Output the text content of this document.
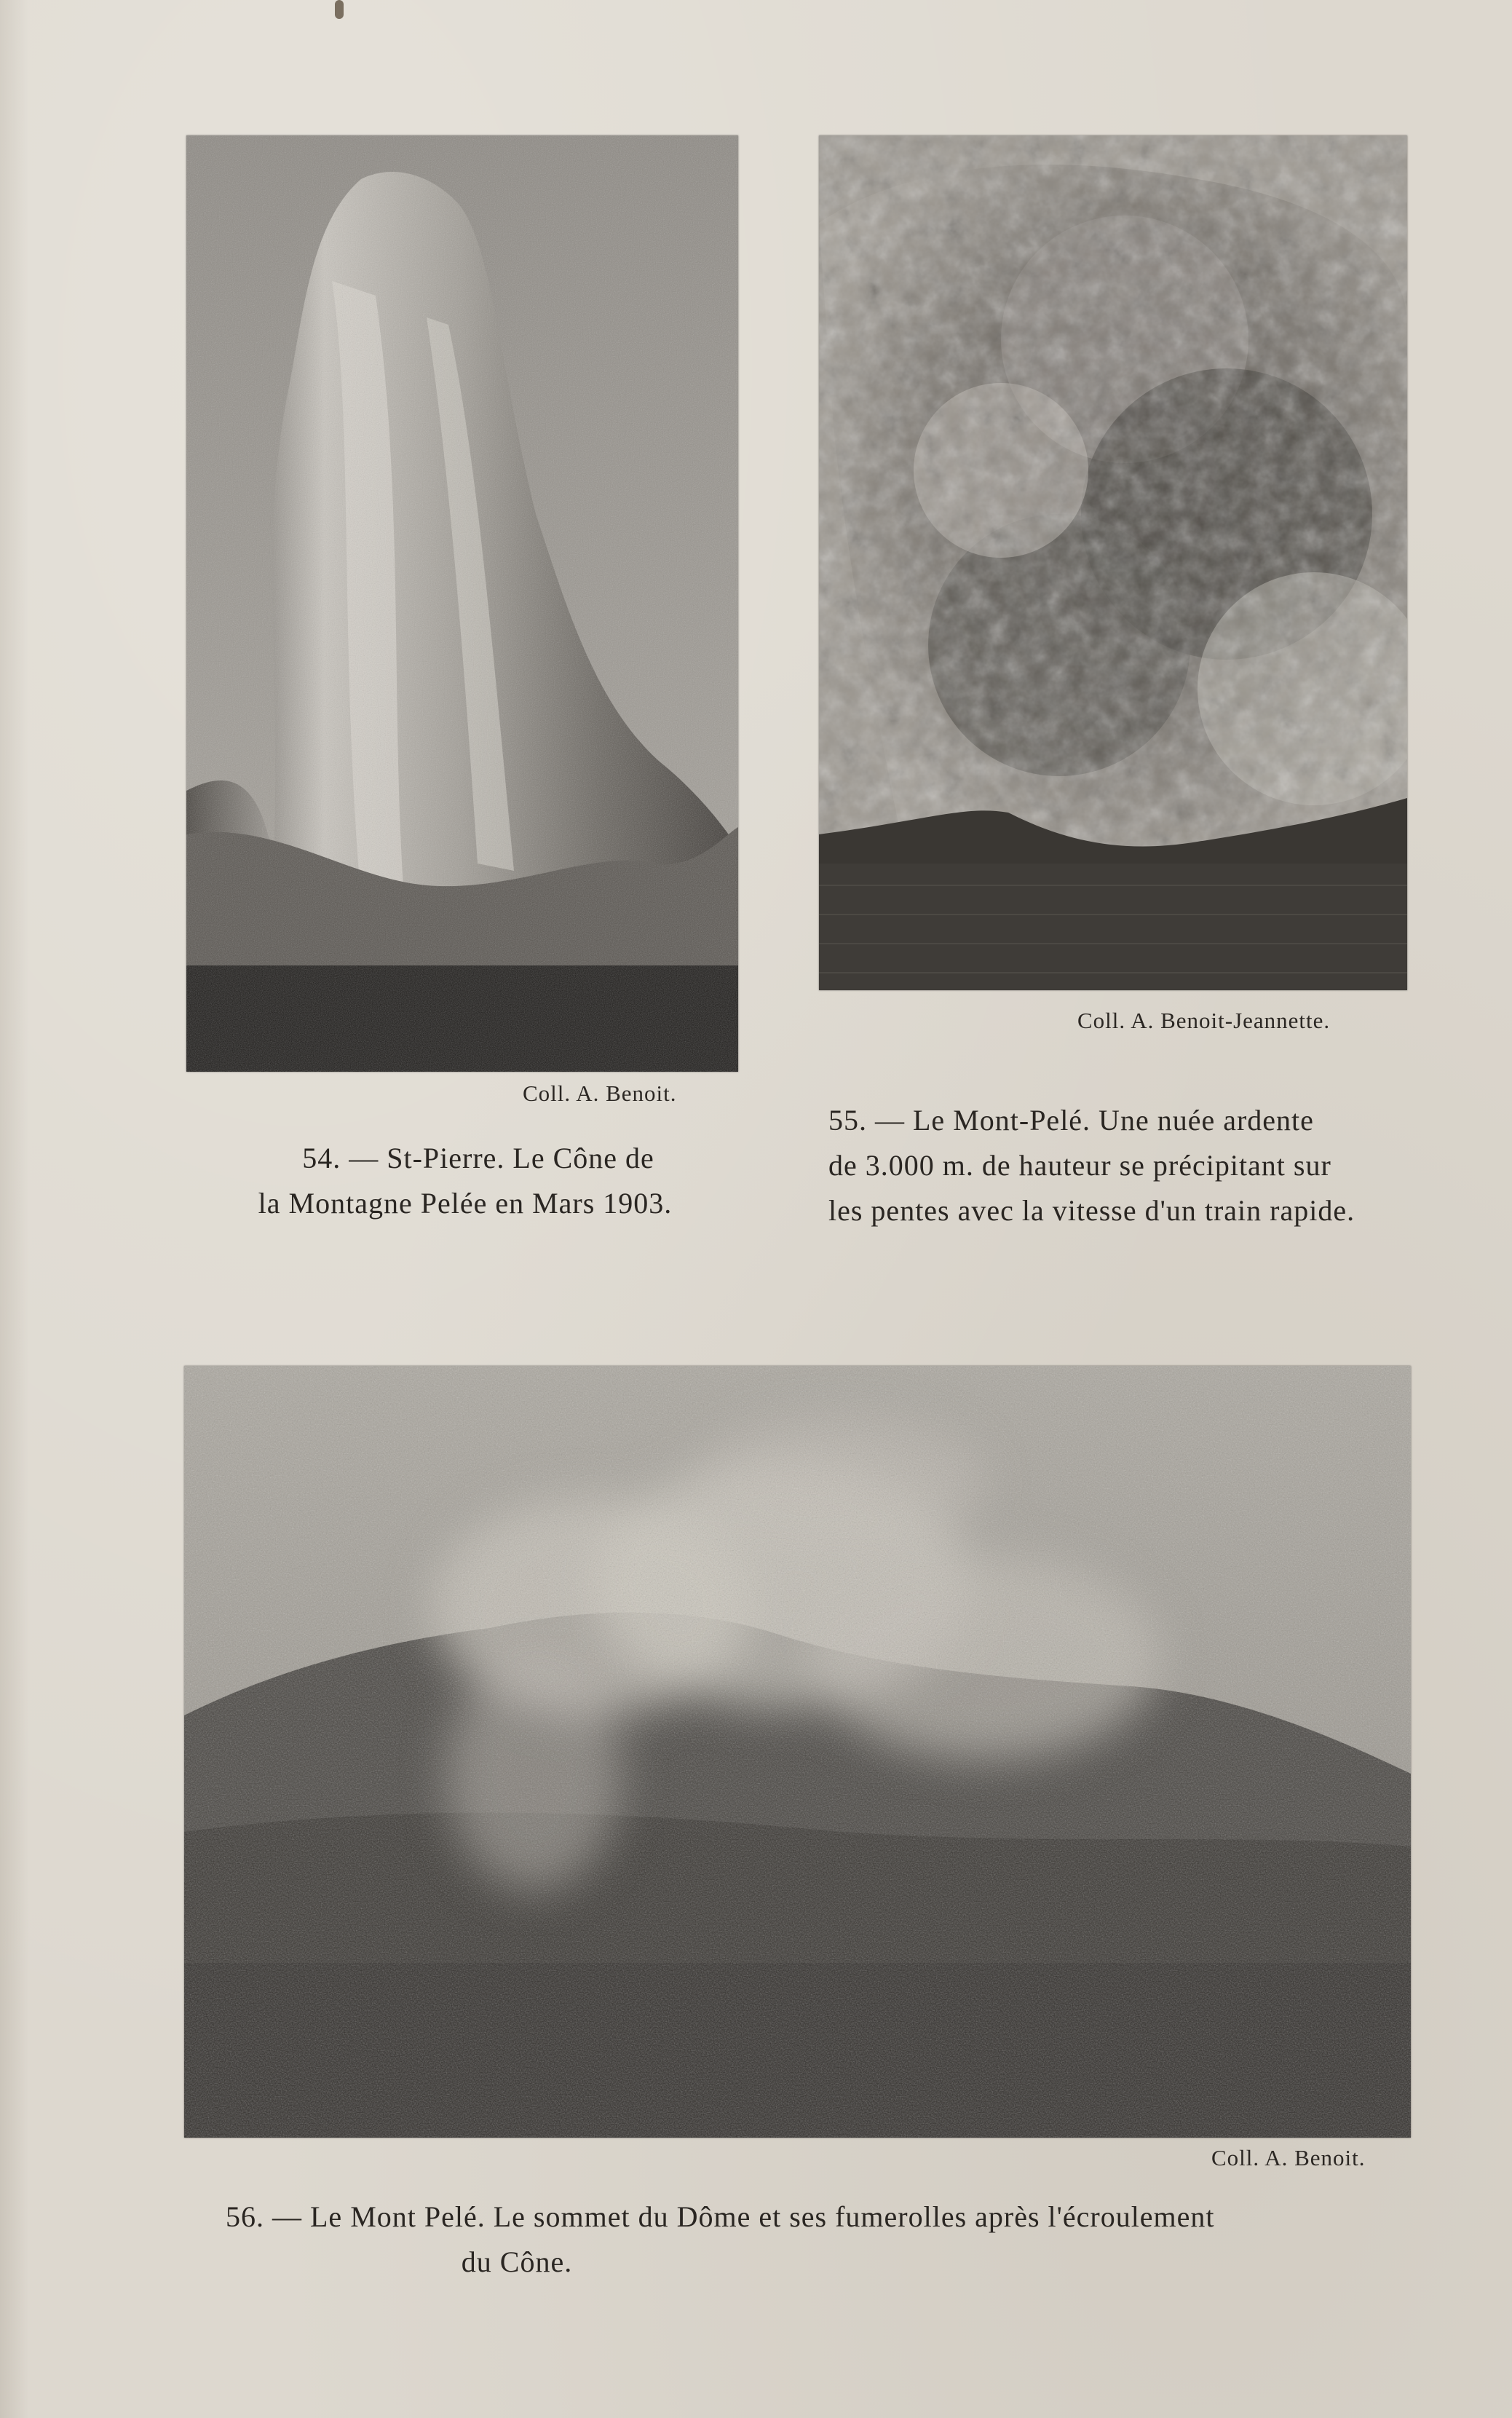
Coll. A. Benoit.
54. — St-Pierre. Le Cône de
la Montagne Pelée en Mars 1903.
Coll. A. Benoit-Jeannette.
55. — Le Mont-Pelé. Une nuée ardente
de 3.000 m. de hauteur se précipitant sur
les pentes avec la vitesse d'un train rapide.
Coll. A. Benoit.
56. — Le Mont Pelé. Le sommet du Dôme et ses fumerolles après l'écroulement
du Cône.
